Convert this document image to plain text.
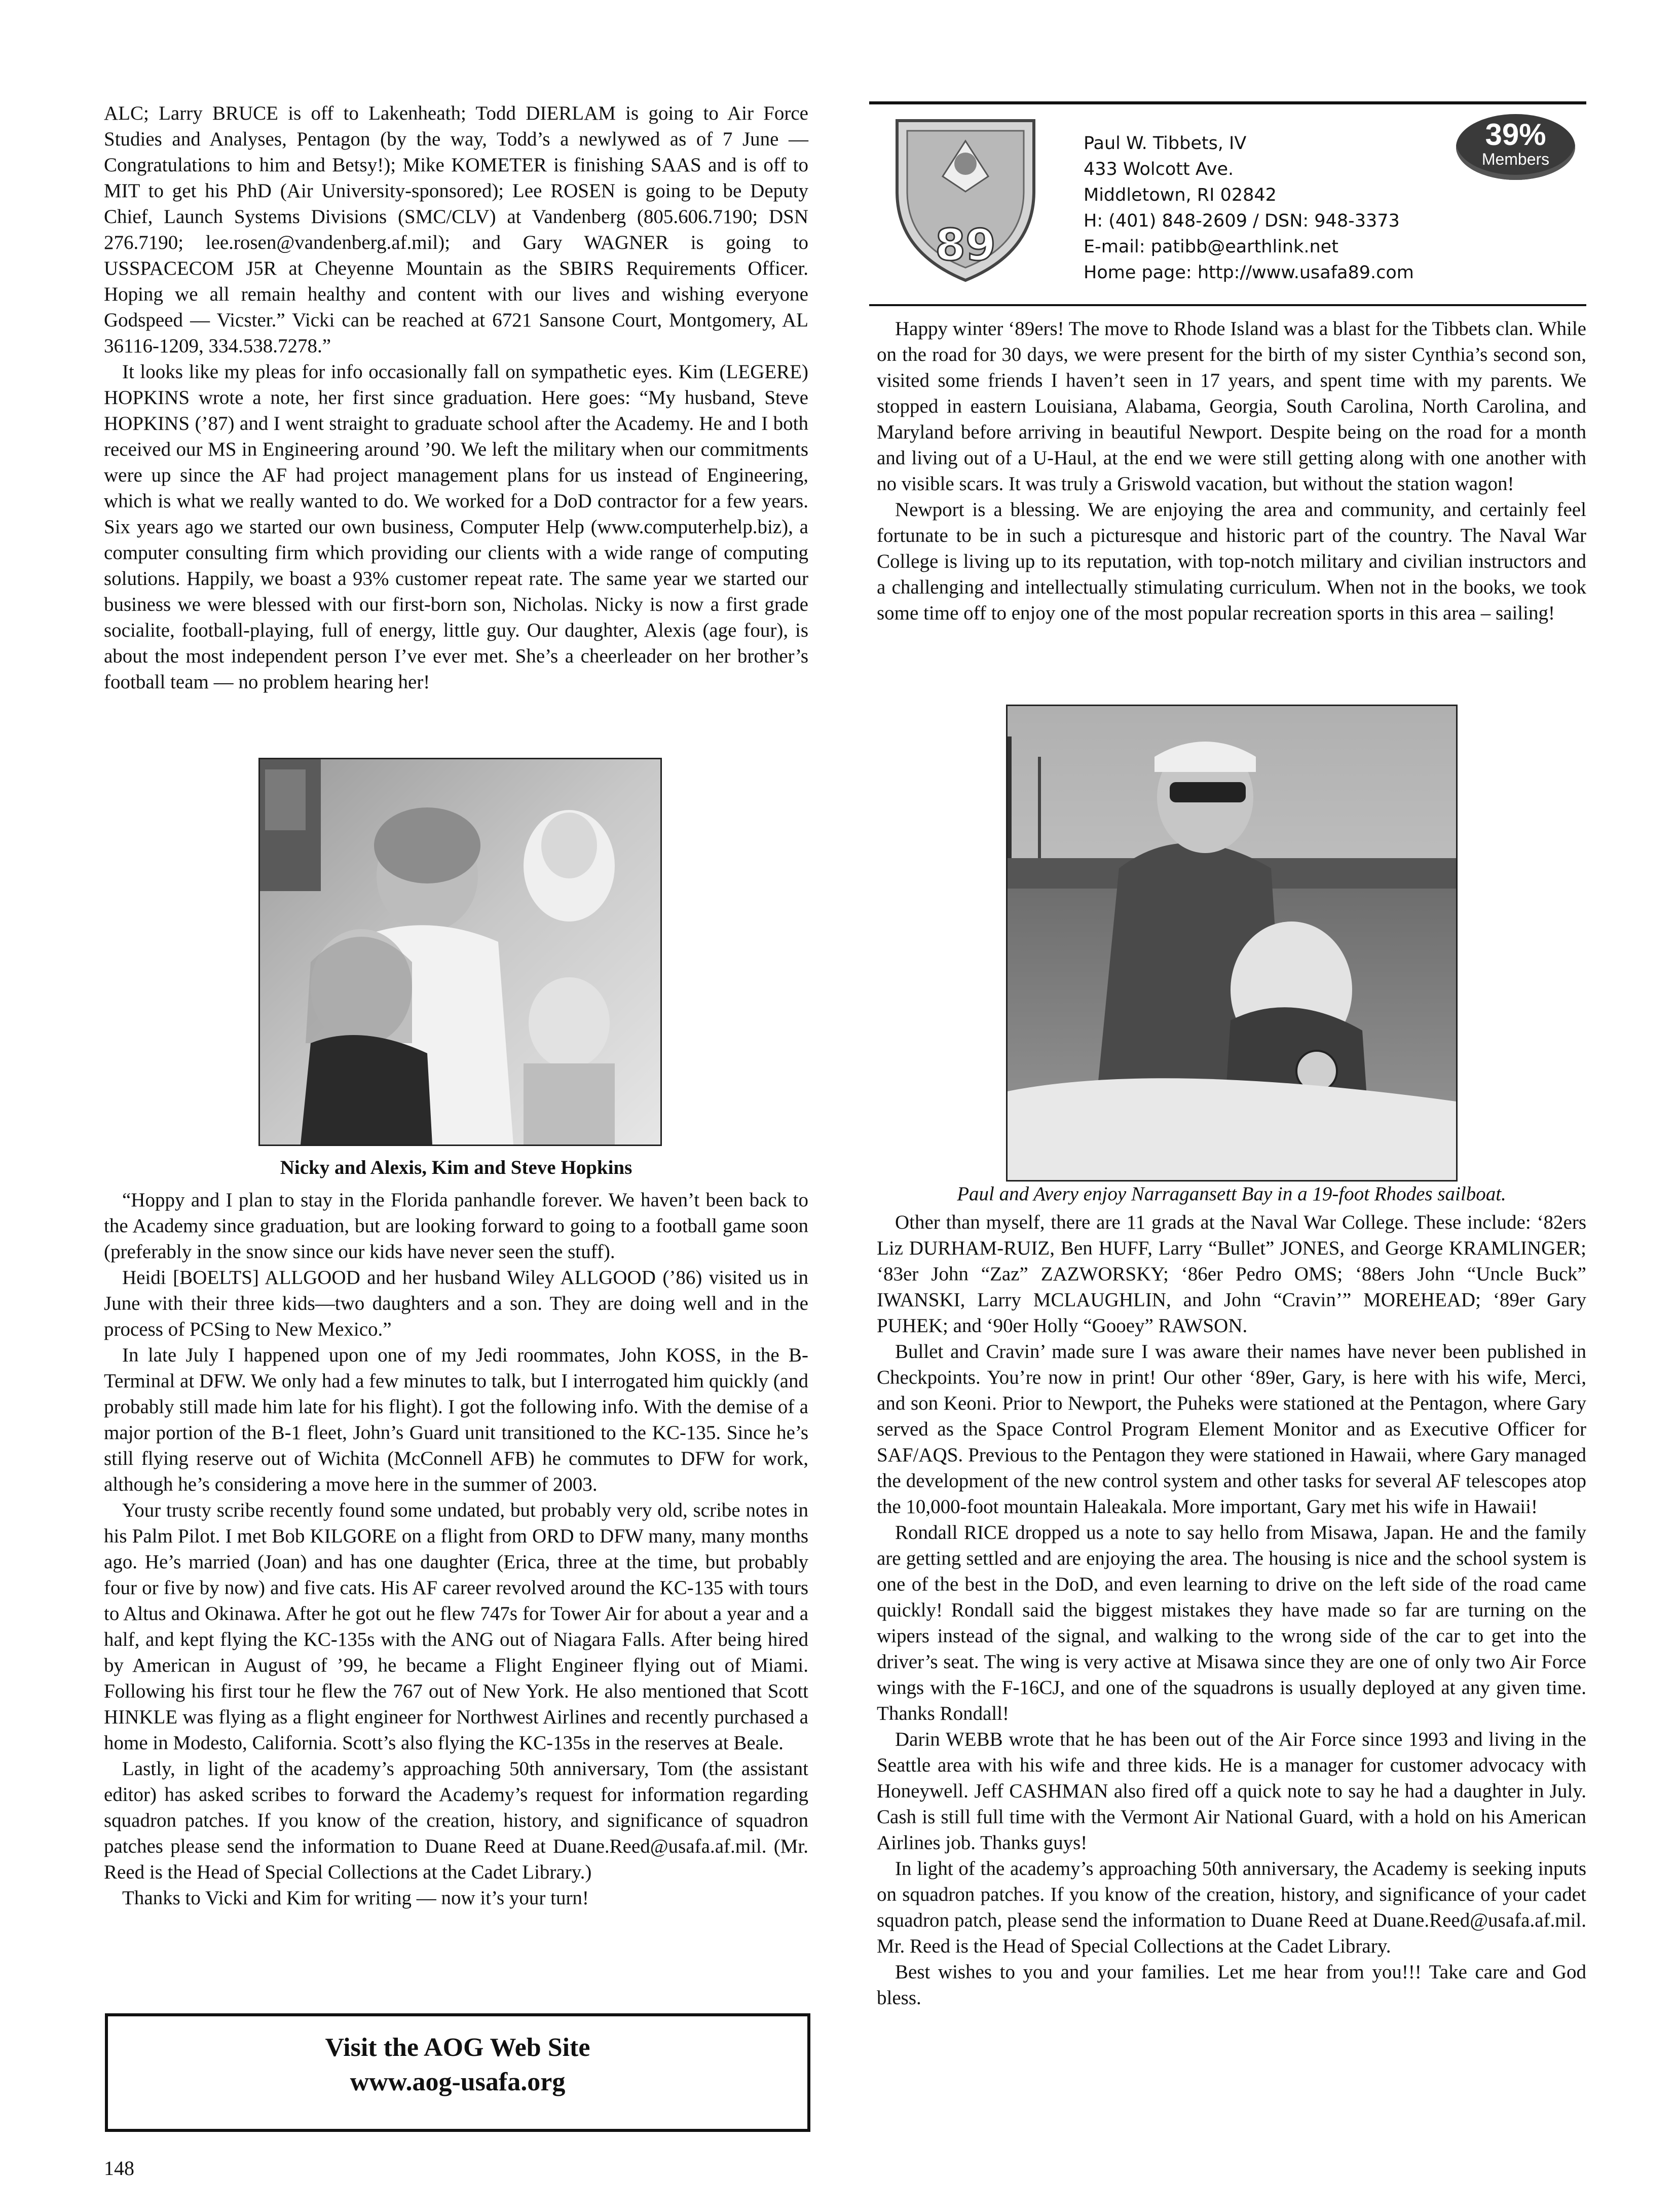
ALC; Larry BRUCE is off to Lakenheath; Todd DIERLAM is going to Air Force Studies and Analyses, Pentagon (by the way, Todd’s a newlywed as of 7 June — Congratulations to him and Betsy!); Mike KOMETER is finishing SAAS and is off to MIT to get his PhD (Air University-sponsored); Lee ROSEN is going to be Deputy Chief, Launch Systems Divisions (SMC/CLV) at Vandenberg (805.606.7190; DSN 276.7190; lee.rosen@vandenberg.af.mil); and Gary WAGNER is going to USSPACECOM J5R at Cheyenne Mountain as the SBIRS Requirements Officer. Hoping we all remain healthy and content with our lives and wishing everyone Godspeed — Vicster.” Vicki can be reached at 6721 Sansone Court, Montgomery, AL 36116-1209, 334.538.7278.”

It looks like my pleas for info occasionally fall on sympathetic eyes. Kim (LEGERE) HOPKINS wrote a note, her first since graduation. Here goes: “My husband, Steve HOPKINS (’87) and I went straight to graduate school after the Academy. He and I both received our MS in Engineering around ’90. We left the military when our commitments were up since the AF had project management plans for us instead of Engineering, which is what we really wanted to do. We worked for a DoD contractor for a few years. Six years ago we started our own business, Computer Help (www.computerhelp.biz), a computer consulting firm which providing our clients with a wide range of computing solutions. Happily, we boast a 93% customer repeat rate. The same year we started our business we were blessed with our first-born son, Nicholas. Nicky is now a first grade socialite, football-playing, full of energy, little guy. Our daughter, Alexis (age four), is about the most independent person I’ve ever met. She’s a cheerleader on her brother’s football team — no problem hearing her!

Nicky and Alexis, Kim and Steve Hopkins

“Hoppy and I plan to stay in the Florida panhandle forever. We haven’t been back to the Academy since graduation, but are looking forward to going to a football game soon (preferably in the snow since our kids have never seen the stuff).

Heidi [BOELTS] ALLGOOD and her husband Wiley ALLGOOD (’86) visited us in June with their three kids—two daughters and a son. They are doing well and in the process of PCSing to New Mexico.”

In late July I happened upon one of my Jedi roommates, John KOSS, in the B-Terminal at DFW. We only had a few minutes to talk, but I interrogated him quickly (and probably still made him late for his flight). I got the following info. With the demise of a major portion of the B-1 fleet, John’s Guard unit transitioned to the KC-135. Since he’s still flying reserve out of Wichita (McConnell AFB) he commutes to DFW for work, although he’s considering a move here in the summer of 2003.

Your trusty scribe recently found some undated, but probably very old, scribe notes in his Palm Pilot. I met Bob KILGORE on a flight from ORD to DFW many, many months ago. He’s married (Joan) and has one daughter (Erica, three at the time, but probably four or five by now) and five cats. His AF career revolved around the KC-135 with tours to Altus and Okinawa. After he got out he flew 747s for Tower Air for about a year and a half, and kept flying the KC-135s with the ANG out of Niagara Falls. After being hired by American in August of ’99, he became a Flight Engineer flying out of Miami. Following his first tour he flew the 767 out of New York. He also mentioned that Scott HINKLE was flying as a flight engineer for Northwest Airlines and recently purchased a home in Modesto, California. Scott’s also flying the KC-135s in the reserves at Beale.

Lastly, in light of the academy’s approaching 50th anniversary, Tom (the assistant editor) has asked scribes to forward the Academy’s request for information regarding squadron patches. If you know of the creation, history, and significance of squadron patches please send the information to Duane Reed at Duane.Reed@usafa.af.mil. (Mr. Reed is the Head of Special Collections at the Cadet Library.)

Thanks to Vicki and Kim for writing — now it’s your turn!

Visit the AOG Web Site
www.aog-usafa.org
148
89
Paul W. Tibbets, IV
433 Wolcott Ave.
Middletown, RI 02842
H: (401) 848-2609 / DSN: 948-3373
E-mail: patibb@earthlink.net
Home page: http://www.usafa89.com
39%
Members

Happy winter ‘89ers! The move to Rhode Island was a blast for the Tibbets clan. While on the road for 30 days, we were present for the birth of my sister Cynthia’s second son, visited some friends I haven’t seen in 17 years, and spent time with my parents. We stopped in eastern Louisiana, Alabama, Georgia, South Carolina, North Carolina, and Maryland before arriving in beautiful Newport. Despite being on the road for a month and living out of a U-Haul, at the end we were still getting along with one another with no visible scars. It was truly a Griswold vacation, but without the station wagon!

Newport is a blessing. We are enjoying the area and community, and certainly feel fortunate to be in such a picturesque and historic part of the country. The Naval War College is living up to its reputation, with top-notch military and civilian instructors and a challenging and intellectually stimulating curriculum. When not in the books, we took some time off to enjoy one of the most popular recreation sports in this area – sailing!

Paul and Avery enjoy Narragansett Bay in a 19-foot Rhodes sailboat.

Other than myself, there are 11 grads at the Naval War College. These include: ‘82ers Liz DURHAM-RUIZ, Ben HUFF, Larry “Bullet” JONES, and George KRAMLINGER; ‘83er John “Zaz” ZAZWORSKY; ‘86er Pedro OMS; ‘88ers John “Uncle Buck” IWANSKI, Larry MCLAUGHLIN, and John “Cravin’” MOREHEAD; ‘89er Gary PUHEK; and ‘90er Holly “Gooey” RAWSON.

Bullet and Cravin’ made sure I was aware their names have never been published in Checkpoints. You’re now in print! Our other ‘89er, Gary, is here with his wife, Merci, and son Keoni. Prior to Newport, the Puheks were stationed at the Pentagon, where Gary served as the Space Control Program Element Monitor and as Executive Officer for SAF/AQS. Previous to the Pentagon they were stationed in Hawaii, where Gary managed the development of the new control system and other tasks for several AF telescopes atop the 10,000-foot mountain Haleakala. More important, Gary met his wife in Hawaii!

Rondall RICE dropped us a note to say hello from Misawa, Japan. He and the family are getting settled and are enjoying the area. The housing is nice and the school system is one of the best in the DoD, and even learning to drive on the left side of the road came quickly! Rondall said the biggest mistakes they have made so far are turning on the wipers instead of the signal, and walking to the wrong side of the car to get into the driver’s seat. The wing is very active at Misawa since they are one of only two Air Force wings with the F-16CJ, and one of the squadrons is usually deployed at any given time. Thanks Rondall!

Darin WEBB wrote that he has been out of the Air Force since 1993 and living in the Seattle area with his wife and three kids. He is a manager for customer advocacy with Honeywell. Jeff CASHMAN also fired off a quick note to say he had a daughter in July. Cash is still full time with the Vermont Air National Guard, with a hold on his American Airlines job. Thanks guys!

In light of the academy’s approaching 50th anniversary, the Academy is seeking inputs on squadron patches. If you know of the creation, history, and significance of your cadet squadron patch, please send the information to Duane Reed at Duane.Reed@usafa.af.mil. Mr. Reed is the Head of Special Collections at the Cadet Library.

Best wishes to you and your families. Let me hear from you!!! Take care and God bless.
